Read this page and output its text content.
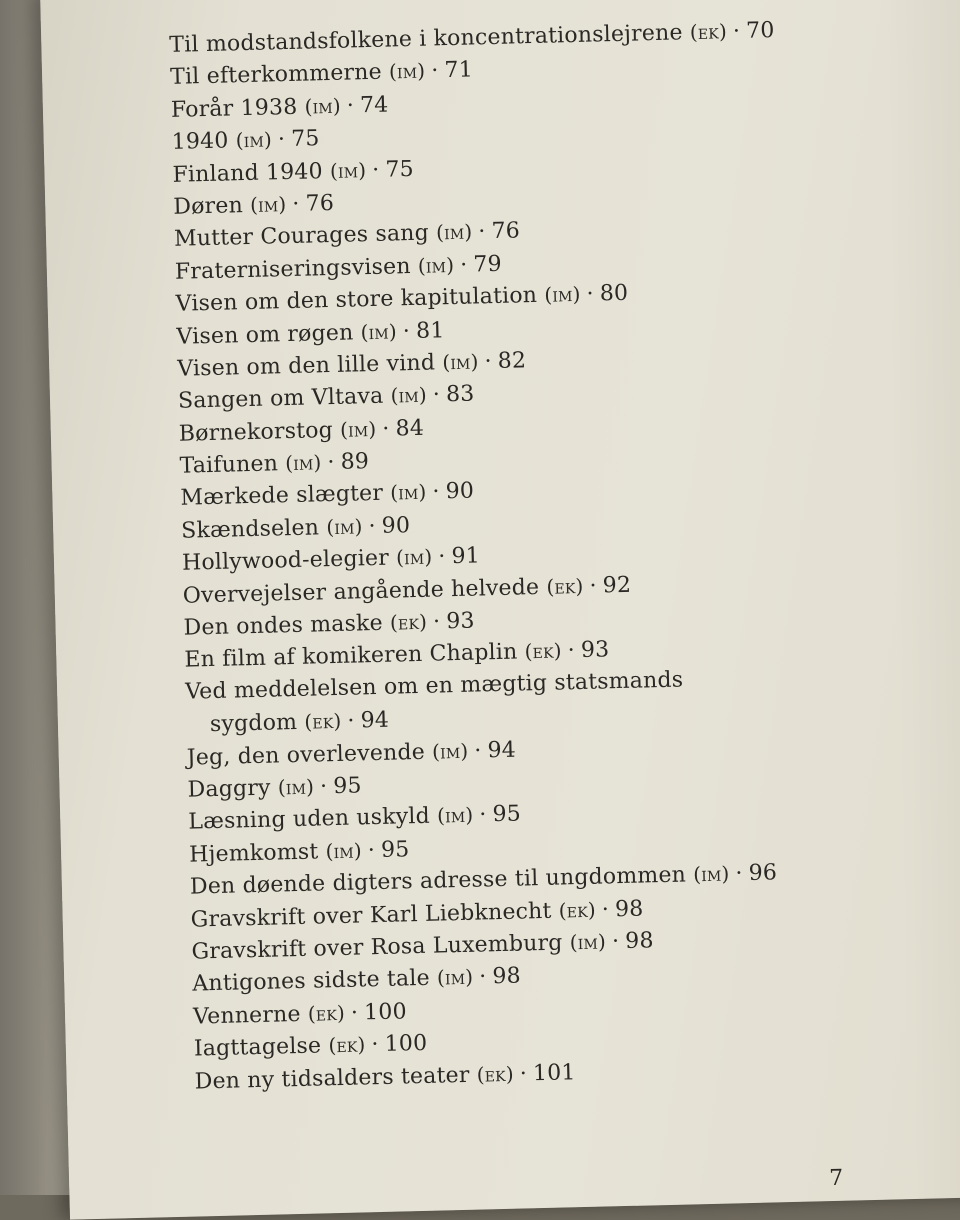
Til modstandsfolkene i koncentrationslejrene (ek) · 70
Til efterkommerne (im) · 71
Forår 1938 (im) · 74
1940 (im) · 75
Finland 1940 (im) · 75
Døren (im) · 76
Mutter Courages sang (im) · 76
Fraterniseringsvisen (im) · 79
Visen om den store kapitulation (im) · 80
Visen om røgen (im) · 81
Visen om den lille vind (im) · 82
Sangen om Vltava (im) · 83
Børnekorstog (im) · 84
Taifunen (im) · 89
Mærkede slægter (im) · 90
Skændselen (im) · 90
Hollywood-elegier (im) · 91
Overvejelser angående helvede (ek) · 92
Den ondes maske (ek) · 93
En film af komikeren Chaplin (ek) · 93
Ved meddelelsen om en mægtig statsmands
sygdom (ek) · 94
Jeg, den overlevende (im) · 94
Daggry (im) · 95
Læsning uden uskyld (im) · 95
Hjemkomst (im) · 95
Den døende digters adresse til ungdommen (im) · 96
Gravskrift over Karl Liebknecht (ek) · 98
Gravskrift over Rosa Luxemburg (im) · 98
Antigones sidste tale (im) · 98
Vennerne (ek) · 100
Iagttagelse (ek) · 100
Den ny tidsalders teater (ek) · 101
7
